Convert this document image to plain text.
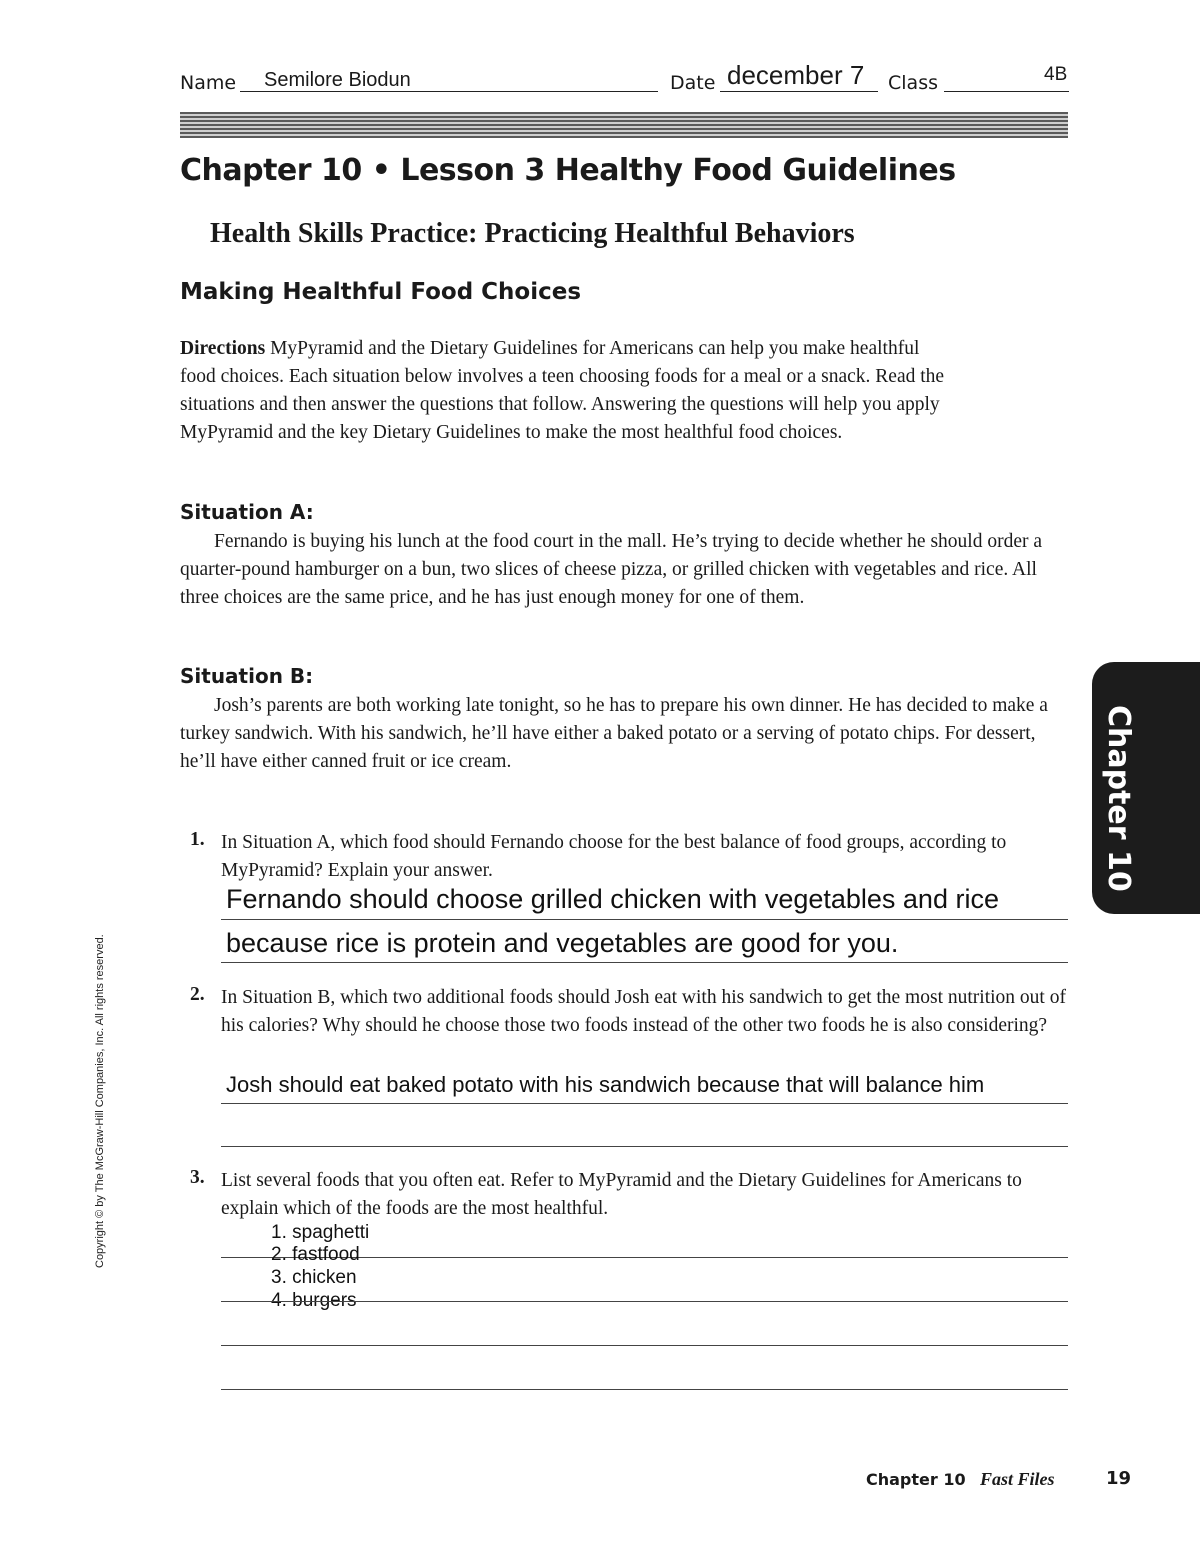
Name Semilore Biodun	Date december 7 Class	4B
Chapter 10 • Lesson 3 Healthy Food Guidelines
Health Skills Practice: Practicing Healthful Behaviors
Making Healthful Food Choices
Directions MyPyramid and the Dietary Guidelines for Americans can help you make healthful food choices. Each situation below involves a teen choosing foods for a meal or a snack. Read the situations and then answer the questions that follow. Answering the questions will help you apply MyPyramid and the key Dietary Guidelines to make the most healthful food choices.
Situation A:
Fernando is buying his lunch at the food court in the mall. He’s trying to decide whether he should order a quarter-pound hamburger on a bun, two slices of cheese pizza, or grilled chicken with vegetables and rice. All three choices are the same price, and he has just enough money for one of them.
Situation B:
Josh’s parents are both working late tonight, so he has to prepare his own dinner. He has decided to make a turkey sandwich. With his sandwich, he’ll have either a baked potato or a serving of potato chips. For dessert, he’ll have either canned fruit or ice cream.
1. In Situation A, which food should Fernando choose for the best balance of food groups, according to MyPyramid? Explain your answer.
Fernando should choose grilled chicken with vegetables and rice
because rice is protein and vegetables are good for you.
2. In Situation B, which two additional foods should Josh eat with his sandwich to get the most nutrition out of his calories? Why should he choose those two foods instead of the other two foods he is also considering?
Josh should eat baked potato with his sandwich because that will balance him
3. List several foods that you often eat. Refer to MyPyramid and the Dietary Guidelines for Americans to explain which of the foods are the most healthful.
1. spaghetti
2. fastfood
3. chicken
4. burgers
Chapter 10
Copyright © by The McGraw-Hill Companies, Inc. All rights reserved.
Chapter 10 Fast Files	19
